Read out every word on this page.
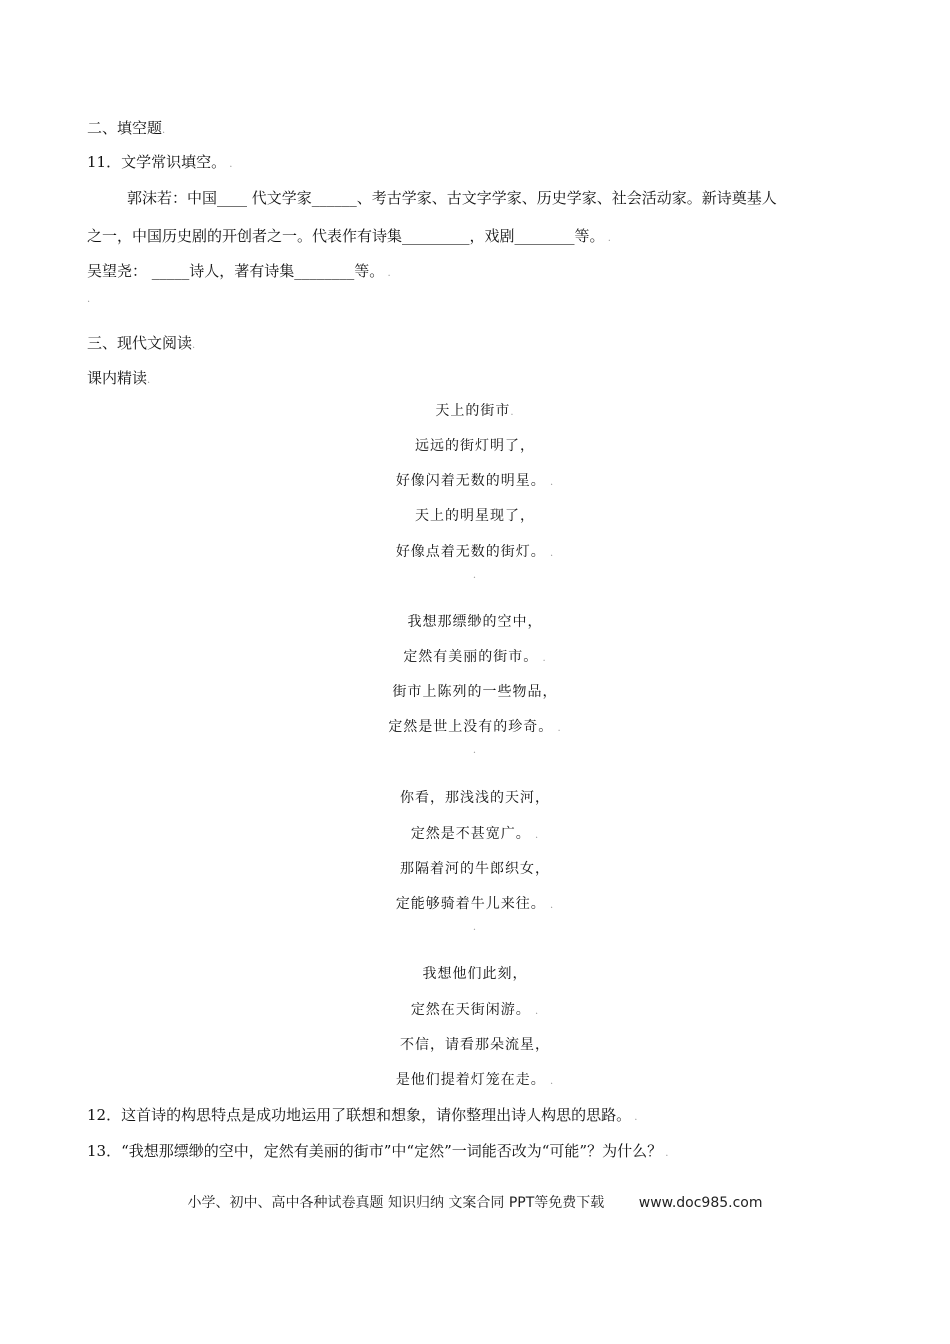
二、填空题.
11．文学常识填空。 .
郭沫若：中国____ 代文学家______、考古学家、古文字学家、历史学家、社会活动家。新诗奠基人
之一，中国历史剧的开创者之一。代表作有诗集_________，戏剧________等。 .
吴望尧： _____诗人，著有诗集________等。 .
.
三、现代文阅读.
课内精读.
天上的街市.
远远的街灯明了，
好像闪着无数的明星。 .
天上的明星现了，
好像点着无数的街灯。 .
.
我想那缥缈的空中，
定然有美丽的街市。 .
街市上陈列的一些物品，
定然是世上没有的珍奇。 .
.
你看，那浅浅的天河，
定然是不甚宽广。 .
那隔着河的牛郎织女，
定能够骑着牛儿来往。 .
.
我想他们此刻，
定然在天街闲游。 .
不信，请看那朵流星，
是他们提着灯笼在走。 .
12．这首诗的构思特点是成功地运用了联想和想象，请你整理出诗人构思的思路。 .
13．“我想那缥缈的空中，定然有美丽的街市”中“定然”一词能否改为“可能”？为什么？ .
小学、初中、高中各种试卷真题 知识归纳 文案合同 PPT等免费下载 www.doc985.com
